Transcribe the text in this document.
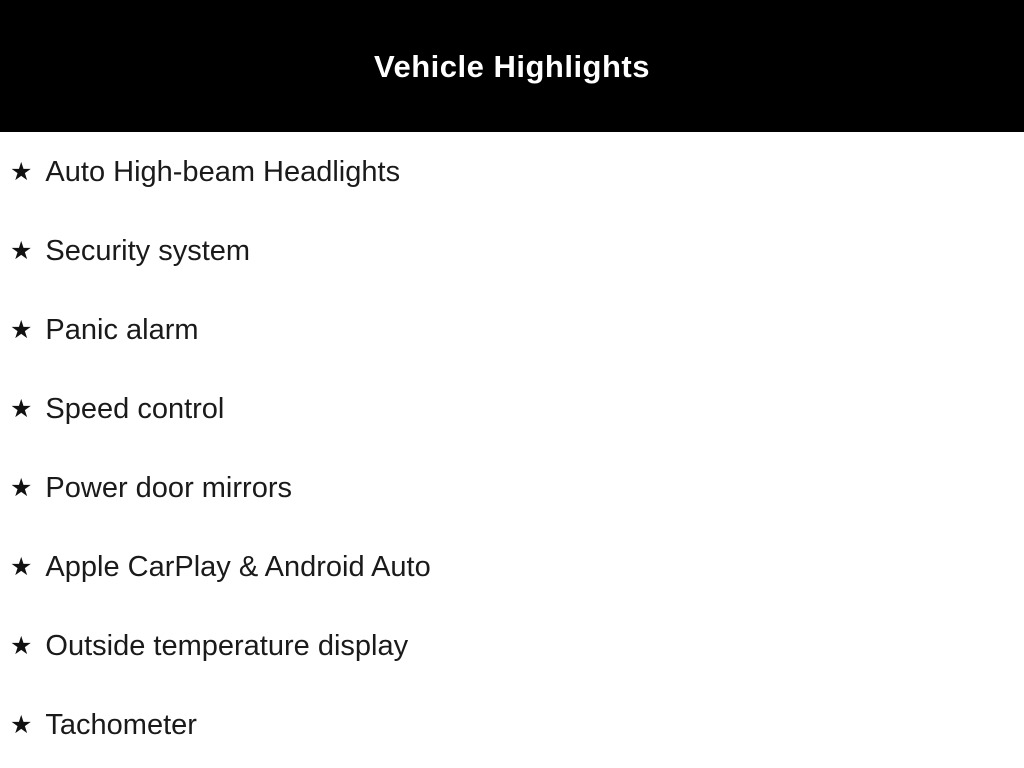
Vehicle Highlights
★ Auto High-beam Headlights
★ Security system
★ Panic alarm
★ Speed control
★ Power door mirrors
★ Apple CarPlay & Android Auto
★ Outside temperature display
★ Tachometer
